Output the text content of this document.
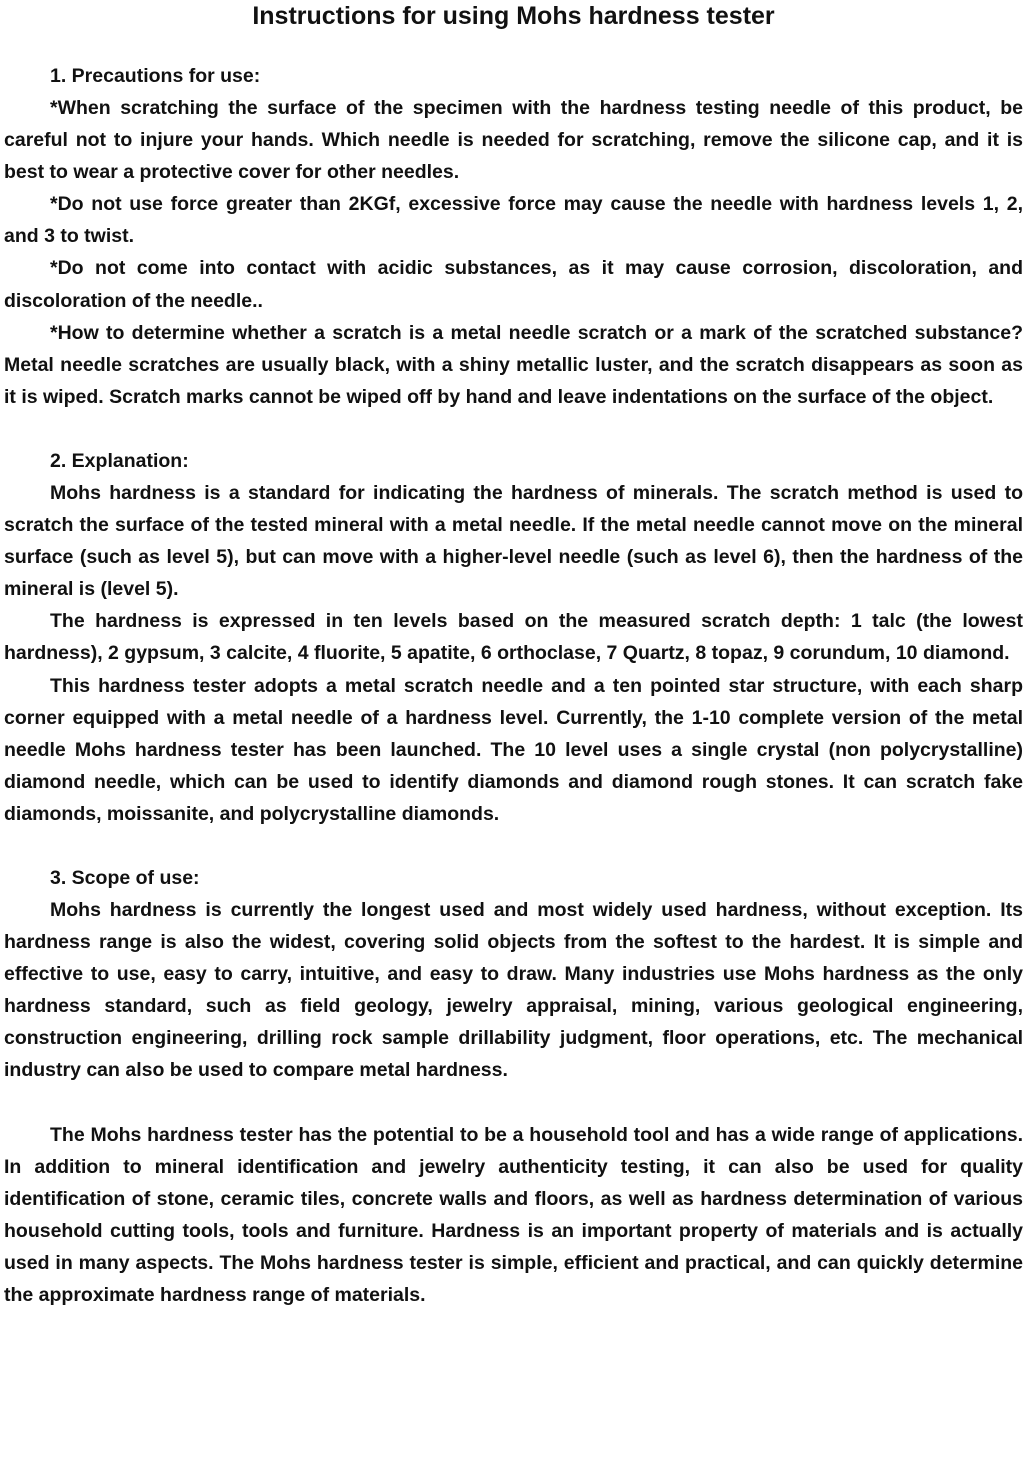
Instructions for using Mohs hardness tester
1. Precautions for use:

*When scratching the surface of the specimen with the hardness testing needle of this product, be careful not to injure your hands. Which needle is needed for scratching, remove the silicone cap, and it is best to wear a protective cover for other needles.

*Do not use force greater than 2KGf, excessive force may cause the needle with hardness levels 1, 2, and 3 to twist.

*Do not come into contact with acidic substances, as it may cause corrosion, discoloration, and discoloration of the needle..

*How to determine whether a scratch is a metal needle scratch or a mark of the scratched substance? Metal needle scratches are usually black, with a shiny metallic luster, and the scratch disappears as soon as it is wiped. Scratch marks cannot be wiped off by hand and leave indentations on the surface of the object.

2. Explanation:

Mohs hardness is a standard for indicating the hardness of minerals. The scratch method is used to scratch the surface of the tested mineral with a metal needle. If the metal needle cannot move on the mineral surface (such as level 5), but can move with a higher-level needle (such as level 6), then the hardness of the mineral is (level 5).

The hardness is expressed in ten levels based on the measured scratch depth: 1 talc (the lowest hardness), 2 gypsum, 3 calcite, 4 fluorite, 5 apatite, 6 orthoclase, 7 Quartz, 8 topaz, 9 corundum, 10 diamond.

This hardness tester adopts a metal scratch needle and a ten pointed star structure, with each sharp corner equipped with a metal needle of a hardness level. Currently, the 1-10 complete version of the metal needle Mohs hardness tester has been launched. The 10 level uses a single crystal (non polycrystalline) diamond needle, which can be used to identify diamonds and diamond rough stones. It can scratch fake diamonds, moissanite, and polycrystalline diamonds.

3. Scope of use:

Mohs hardness is currently the longest used and most widely used hardness, without exception. Its hardness range is also the widest, covering solid objects from the softest to the hardest. It is simple and effective to use, easy to carry, intuitive, and easy to draw. Many industries use Mohs hardness as the only hardness standard, such as field geology, jewelry appraisal, mining, various geological engineering, construction engineering, drilling rock sample drillability judgment, floor operations, etc. The mechanical industry can also be used to compare metal hardness.

The Mohs hardness tester has the potential to be a household tool and has a wide range of applications. In addition to mineral identification and jewelry authenticity testing, it can also be used for quality identification of stone, ceramic tiles, concrete walls and floors, as well as hardness determination of various household cutting tools, tools and furniture. Hardness is an important property of materials and is actually used in many aspects. The Mohs hardness tester is simple, efficient and practical, and can quickly determine the approximate hardness range of materials.
